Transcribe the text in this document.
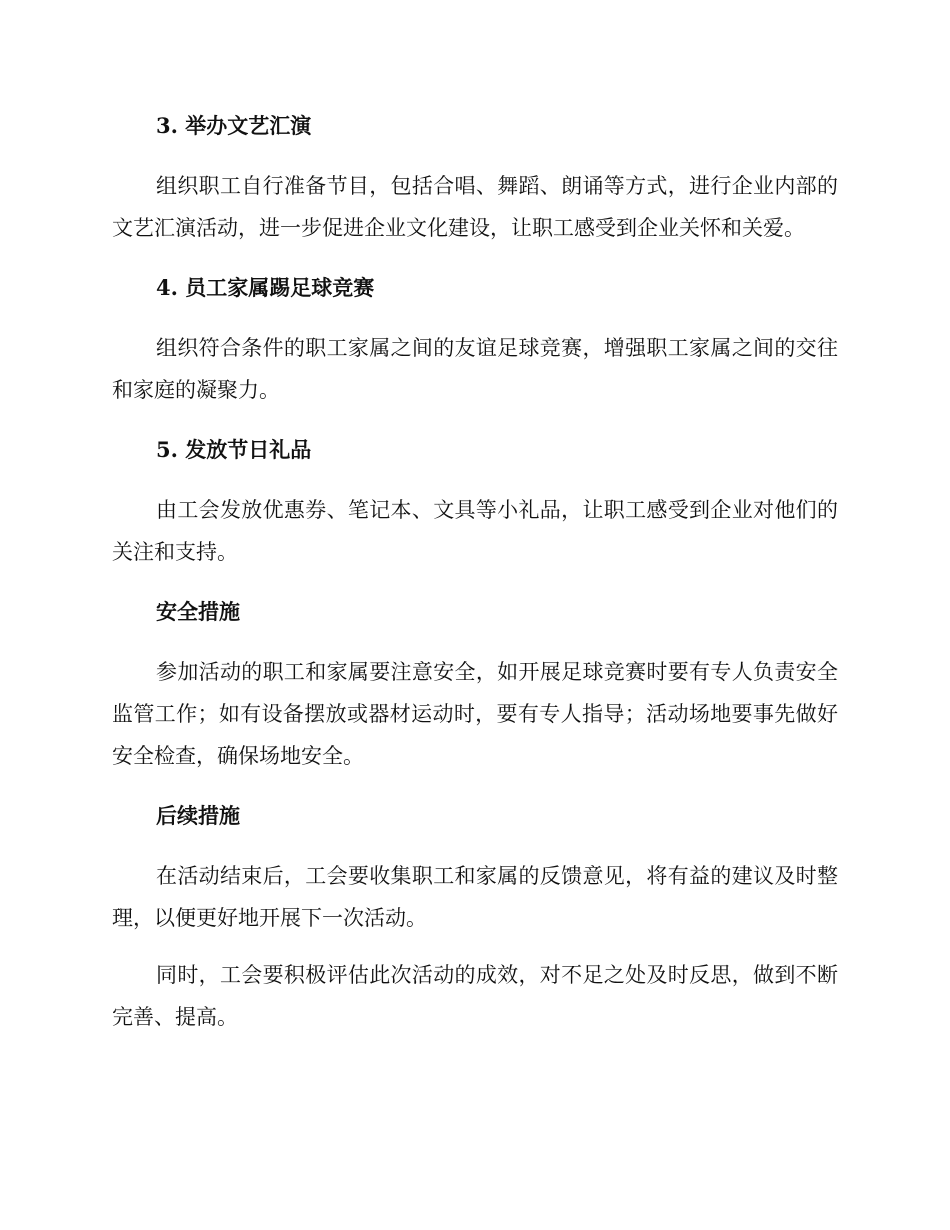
3. 举办文艺汇演

组织职工自行准备节目，包括合唱、舞蹈、朗诵等方式，进行企业内部的文艺汇演活动，进一步促进企业文化建设，让职工感受到企业关怀和关爱。

4. 员工家属踢足球竞赛

组织符合条件的职工家属之间的友谊足球竞赛，增强职工家属之间的交往和家庭的凝聚力。

5. 发放节日礼品

由工会发放优惠券、笔记本、文具等小礼品，让职工感受到企业对他们的关注和支持。

安全措施

参加活动的职工和家属要注意安全，如开展足球竞赛时要有专人负责安全监管工作；如有设备摆放或器材运动时，要有专人指导；活动场地要事先做好安全检查，确保场地安全。

后续措施

在活动结束后，工会要收集职工和家属的反馈意见，将有益的建议及时整理，以便更好地开展下一次活动。

同时，工会要积极评估此次活动的成效，对不足之处及时反思，做到不断完善、提高。
